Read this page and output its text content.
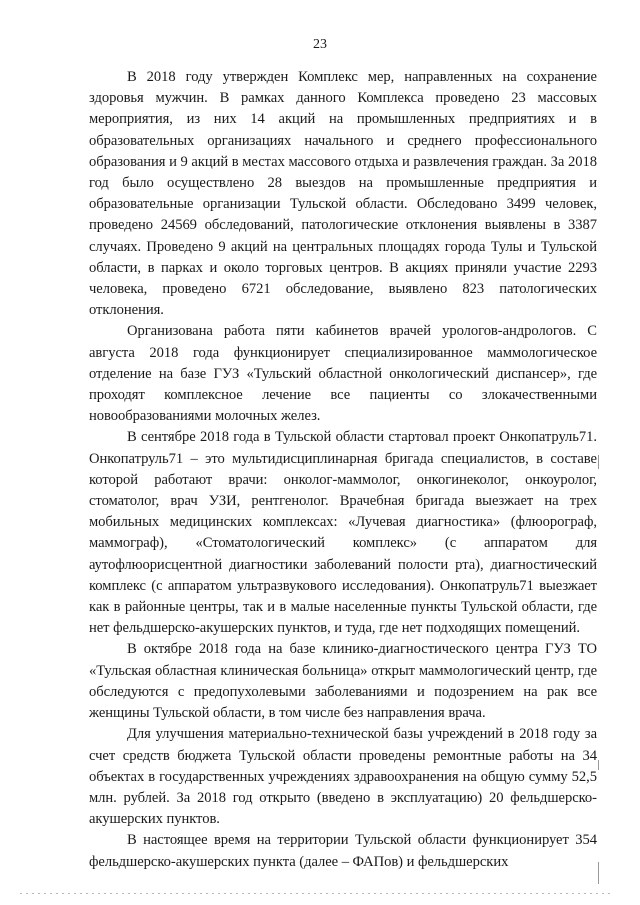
23

В 2018 году утвержден Комплекс мер, направленных на сохранение здоровья мужчин. В рамках данного Комплекса проведено 23 массовых мероприятия, из них 14 акций на промышленных предприятиях и в образовательных организациях начального и среднего профессионального образования и 9 акций в местах массового отдыха и развлечения граждан. За 2018 год было осуществлено 28 выездов на промышленные предприятия и образовательные организации Тульской области. Обследовано 3499 человек, проведено 24569 обследований, патологические отклонения выявлены в 3387 случаях. Проведено 9 акций на центральных площадях города Тулы и Тульской области, в парках и около торговых центров. В акциях приняли участие 2293 человека, проведено 6721 обследование, выявлено 823 патологических отклонения.

Организована работа пяти кабинетов врачей урологов-андрологов. С августа 2018 года функционирует специализированное маммологическое отделение на базе ГУЗ «Тульский областной онкологический диспансер», где проходят комплексное лечение все пациенты со злокачественными новообразованиями молочных желез.

В сентябре 2018 года в Тульской области стартовал проект Онкопатруль71. Онкопатруль71 – это мультидисциплинарная бригада специалистов, в составе которой работают врачи: онколог-маммолог, онкогинеколог, онкоуролог, стоматолог, врач УЗИ, рентгенолог. Врачебная бригада выезжает на трех мобильных медицинских комплексах: «Лучевая диагностика» (флюорограф, маммограф), «Стоматологический комплекс» (с аппаратом для аутофлюорисцентной диагностики заболеваний полости рта), диагностический комплекс (с аппаратом ультразвукового исследования). Онкопатруль71 выезжает как в районные центры, так и в малые населенные пункты Тульской области, где нет фельдшерско-акушерских пунктов, и туда, где нет подходящих помещений.

В октябре 2018 года на базе клинико-диагностического центра ГУЗ ТО «Тульская областная клиническая больница» открыт маммологический центр, где обследуются с предопухолевыми заболеваниями и подозрением на рак все женщины Тульской области, в том числе без направления врача.

Для улучшения материально-технической базы учреждений в 2018 году за счет средств бюджета Тульской области проведены ремонтные работы на 34 объектах в государственных учреждениях здравоохранения на общую сумму 52,5 млн. рублей. За 2018 год открыто (введено в эксплуатацию) 20 фельдшерско-акушерских пунктов.

В настоящее время на территории Тульской области функционирует 354 фельдшерско-акушерских пункта (далее – ФАПов) и фельдшерских
